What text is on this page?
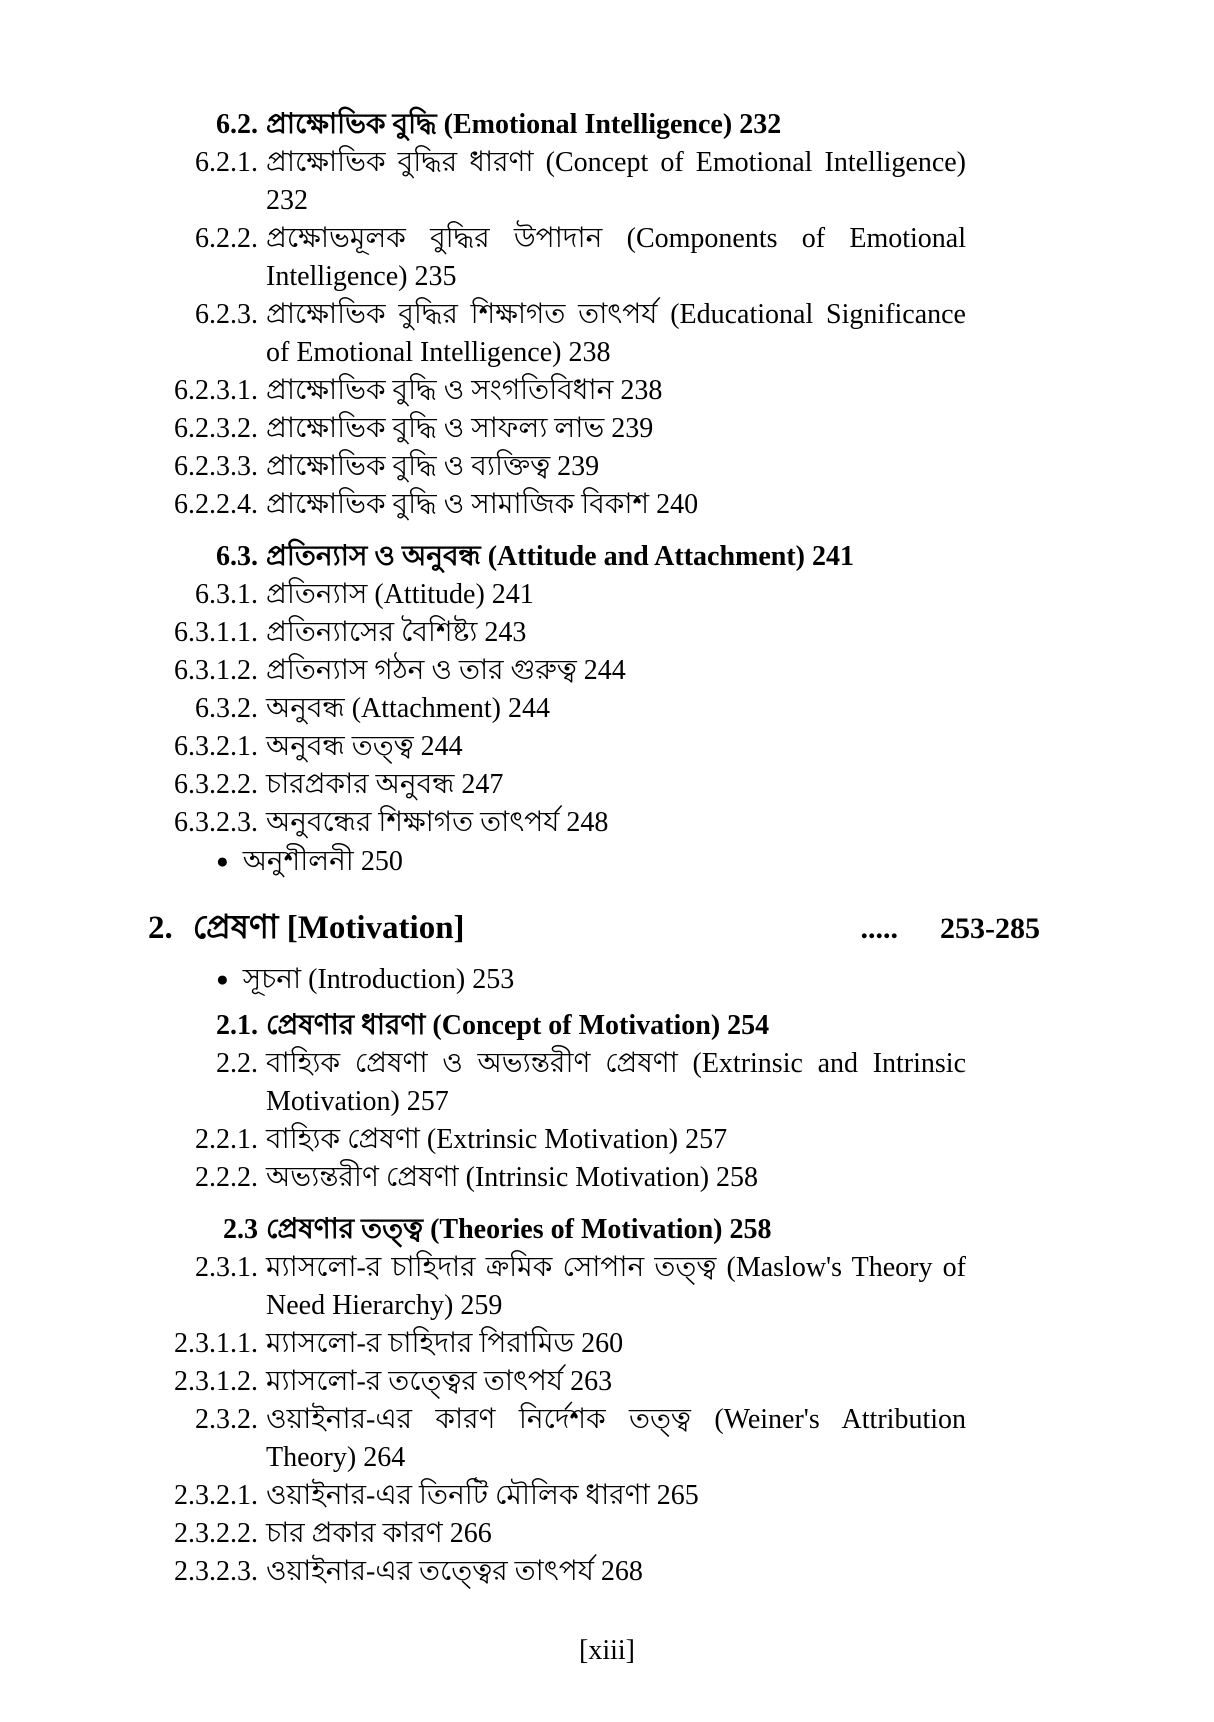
6.2. প্রাক্ষোভিক বুদ্ধি (Emotional Intelligence) 232
6.2.1. প্রাক্ষোভিক বুদ্ধির ধারণা (Concept of Emotional Intelligence) 232
6.2.2. প্রক্ষোভমূলক বুদ্ধির উপাদান (Components of Emotional Intelligence) 235
6.2.3. প্রাক্ষোভিক বুদ্ধির শিক্ষাগত তাৎপর্য (Educational Significance of Emotional Intelligence) 238
6.2.3.1. প্রাক্ষোভিক বুদ্ধি ও সংগতিবিধান 238
6.2.3.2. প্রাক্ষোভিক বুদ্ধি ও সাফল্য লাভ 239
6.2.3.3. প্রাক্ষোভিক বুদ্ধি ও ব্যক্তিত্ব 239
6.2.2.4. প্রাক্ষোভিক বুদ্ধি ও সামাজিক বিকাশ 240
6.3. প্রতিন্যাস ও অনুবন্ধ (Attitude and Attachment) 241
6.3.1. প্রতিন্যাস (Attitude) 241
6.3.1.1. প্রতিন্যাসের বৈশিষ্ট্য 243
6.3.1.2. প্রতিন্যাস গঠন ও তার গুরুত্ব 244
6.3.2. অনুবন্ধ (Attachment) 244
6.3.2.1. অনুবন্ধ তত্ত্ব 244
6.3.2.2. চারপ্রকার অনুবন্ধ 247
6.3.2.3. অনুবন্ধের শিক্ষাগত তাৎপর্য 248
● অনুশীলনী 250
2. প্রেষণা [Motivation]	..... 253-285
● সূচনা (Introduction) 253
2.1. প্রেষণার ধারণা (Concept of Motivation) 254
2.2. বাহ্যিক প্রেষণা ও অভ্যন্তরীণ প্রেষণা (Extrinsic and Intrinsic Motivation) 257
2.2.1. বাহ্যিক প্রেষণা (Extrinsic Motivation) 257
2.2.2. অভ্যন্তরীণ প্রেষণা (Intrinsic Motivation) 258
2.3 প্রেষণার তত্ত্ব (Theories of Motivation) 258
2.3.1. ম্যাসলো-র চাহিদার ক্রমিক সোপান তত্ত্ব (Maslow's Theory of Need Hierarchy) 259
2.3.1.1. ম্যাসলো-র চাহিদার পিরামিড 260
2.3.1.2. ম্যাসলো-র তত্ত্বের তাৎপর্য 263
2.3.2. ওয়াইনার-এর কারণ নির্দেশক তত্ত্ব (Weiner's Attribution Theory) 264
2.3.2.1. ওয়াইনার-এর তিনটি মৌলিক ধারণা 265
2.3.2.2. চার প্রকার কারণ 266
2.3.2.3. ওয়াইনার-এর তত্ত্বের তাৎপর্য 268
[xiii]
